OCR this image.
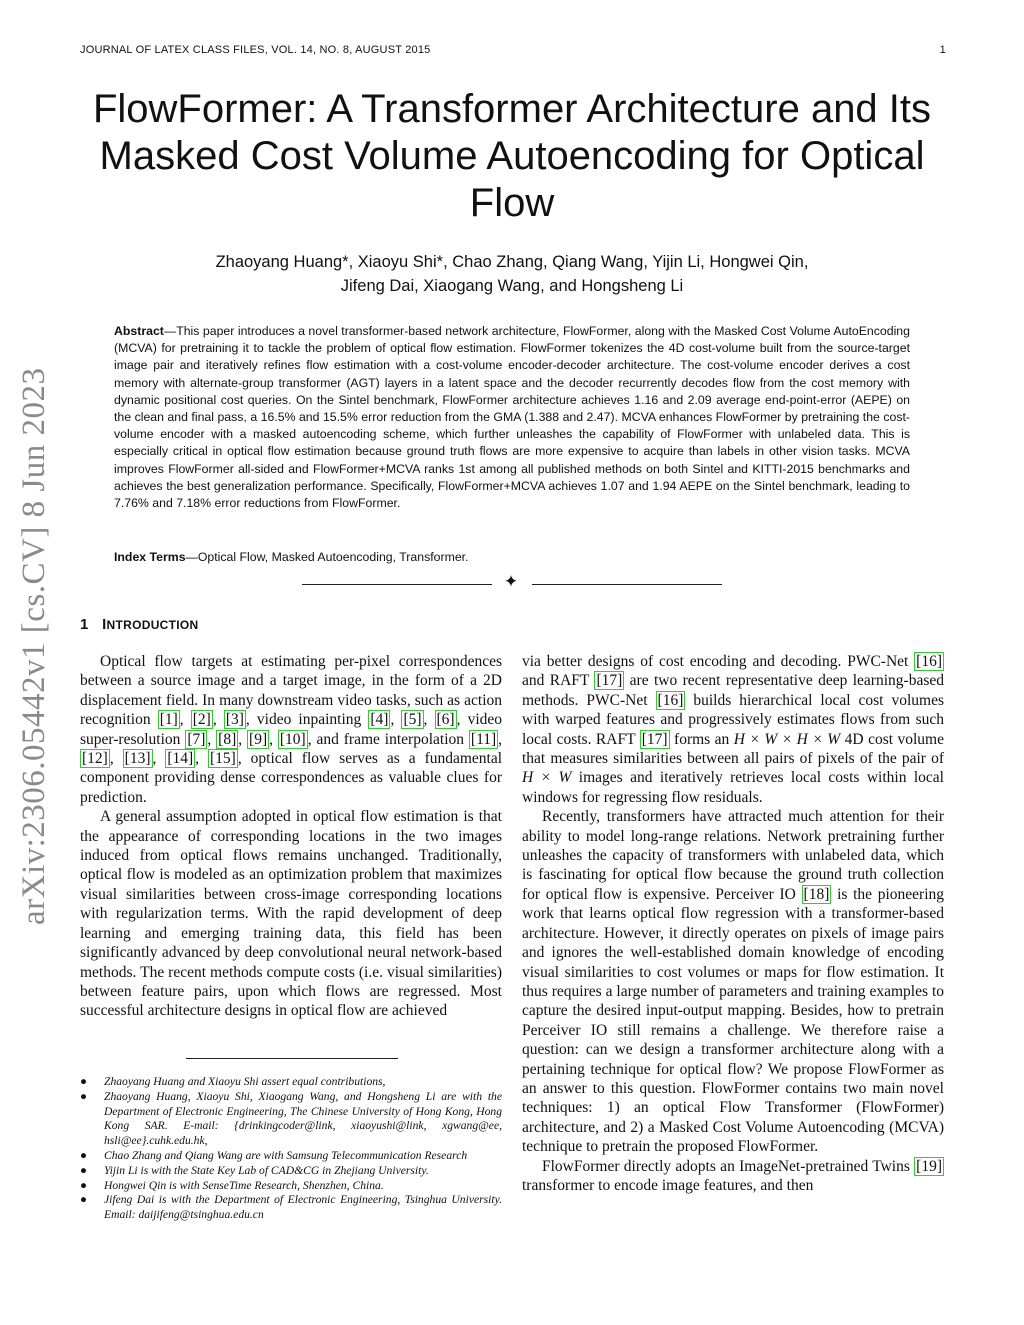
JOURNAL OF LATEX CLASS FILES, VOL. 14, NO. 8, AUGUST 2015	1
FlowFormer: A Transformer Architecture and Its Masked Cost Volume Autoencoding for Optical Flow
Zhaoyang Huang*, Xiaoyu Shi*, Chao Zhang, Qiang Wang, Yijin Li, Hongwei Qin,
Jifeng Dai, Xiaogang Wang, and Hongsheng Li
Abstract—This paper introduces a novel transformer-based network architecture, FlowFormer, along with the Masked Cost Volume AutoEncoding (MCVA) for pretraining it to tackle the problem of optical flow estimation. FlowFormer tokenizes the 4D cost-volume built from the source-target image pair and iteratively refines flow estimation with a cost-volume encoder-decoder architecture. The cost-volume encoder derives a cost memory with alternate-group transformer (AGT) layers in a latent space and the decoder recurrently decodes flow from the cost memory with dynamic positional cost queries. On the Sintel benchmark, FlowFormer architecture achieves 1.16 and 2.09 average end-point-error (AEPE) on the clean and final pass, a 16.5% and 15.5% error reduction from the GMA (1.388 and 2.47). MCVA enhances FlowFormer by pretraining the cost-volume encoder with a masked autoencoding scheme, which further unleashes the capability of FlowFormer with unlabeled data. This is especially critical in optical flow estimation because ground truth flows are more expensive to acquire than labels in other vision tasks. MCVA improves FlowFormer all-sided and FlowFormer+MCVA ranks 1st among all published methods on both Sintel and KITTI-2015 benchmarks and achieves the best generalization performance. Specifically, FlowFormer+MCVA achieves 1.07 and 1.94 AEPE on the Sintel benchmark, leading to 7.76% and 7.18% error reductions from FlowFormer.
Index Terms—Optical Flow, Masked Autoencoding, Transformer.
✦
1 INTRODUCTION

Optical flow targets at estimating per-pixel correspondences between a source image and a target image, in the form of a 2D displacement field. In many downstream video tasks, such as action recognition [1] , [2] , [3] , video inpainting [4] , [5] , [6] , video super-resolution [7] , [8] , [9] , [10] , and frame interpolation [11] , [12] , [13] , [14] , [15] , optical flow serves as a fundamental component providing dense correspondences as valuable clues for prediction.

A general assumption adopted in optical flow estimation is that the appearance of corresponding locations in the two images induced from optical flows remains unchanged. Traditionally, optical flow is modeled as an optimization problem that maximizes visual similarities between cross-image corresponding locations with regularization terms. With the rapid development of deep learning and emerging training data, this field has been significantly advanced by deep convolutional neural network-based methods. The recent methods compute costs (i.e. visual similarities) between feature pairs, upon which flows are regressed. Most successful architecture designs in optical flow are achieved

via better designs of cost encoding and decoding. PWC-Net [16] and RAFT [17] are two recent representative deep learning-based methods. PWC-Net [16] builds hierarchical local cost volumes with warped features and progressively estimates flows from such local costs. RAFT [17] forms an H × W × H × W 4D cost volume that measures similarities between all pairs of pixels of the pair of H × W images and iteratively retrieves local costs within local windows for regressing flow residuals.

Recently, transformers have attracted much attention for their ability to model long-range relations. Network pretraining further unleashes the capacity of transformers with unlabeled data, which is fascinating for optical flow because the ground truth collection for optical flow is expensive. Perceiver IO [18] is the pioneering work that learns optical flow regression with a transformer-based architecture. However, it directly operates on pixels of image pairs and ignores the well-established domain knowledge of encoding visual similarities to cost volumes or maps for flow estimation. It thus requires a large number of parameters and training examples to capture the desired input-output mapping. Besides, how to pretrain Perceiver IO still remains a challenge. We therefore raise a question: can we design a transformer architecture along with a pertaining technique for optical flow? We propose FlowFormer as an answer to this question. FlowFormer contains two main novel techniques: 1) an optical Flow Transformer (FlowFormer) architecture, and 2) a Masked Cost Volume Autoencoding (MCVA) technique to pretrain the proposed FlowFormer.

FlowFormer directly adopts an ImageNet-pretrained Twins [19] transformer to encode image features, and then

● Zhaoyang Huang and Xiaoyu Shi assert equal contributions,
● Zhaoyang Huang, Xiaoyu Shi, Xiaogang Wang, and Hongsheng Li are with the Department of Electronic Engineering, The Chinese University of Hong Kong, Hong Kong SAR. E-mail: {drinkingcoder@link, xiaoyushi@link, xgwang@ee, hsli@ee}.cuhk.edu.hk,
● Chao Zhang and Qiang Wang are with Samsung Telecommunication Research
● Yijin Li is with the State Key Lab of CAD&CG in Zhejiang University.
● Hongwei Qin is with SenseTime Research, Shenzhen, China.
● Jifeng Dai is with the Department of Electronic Engineering, Tsinghua University. Email: daijifeng@tsinghua.edu.cn
arXiv:2306.05442v1 [cs.CV] 8 Jun 2023
